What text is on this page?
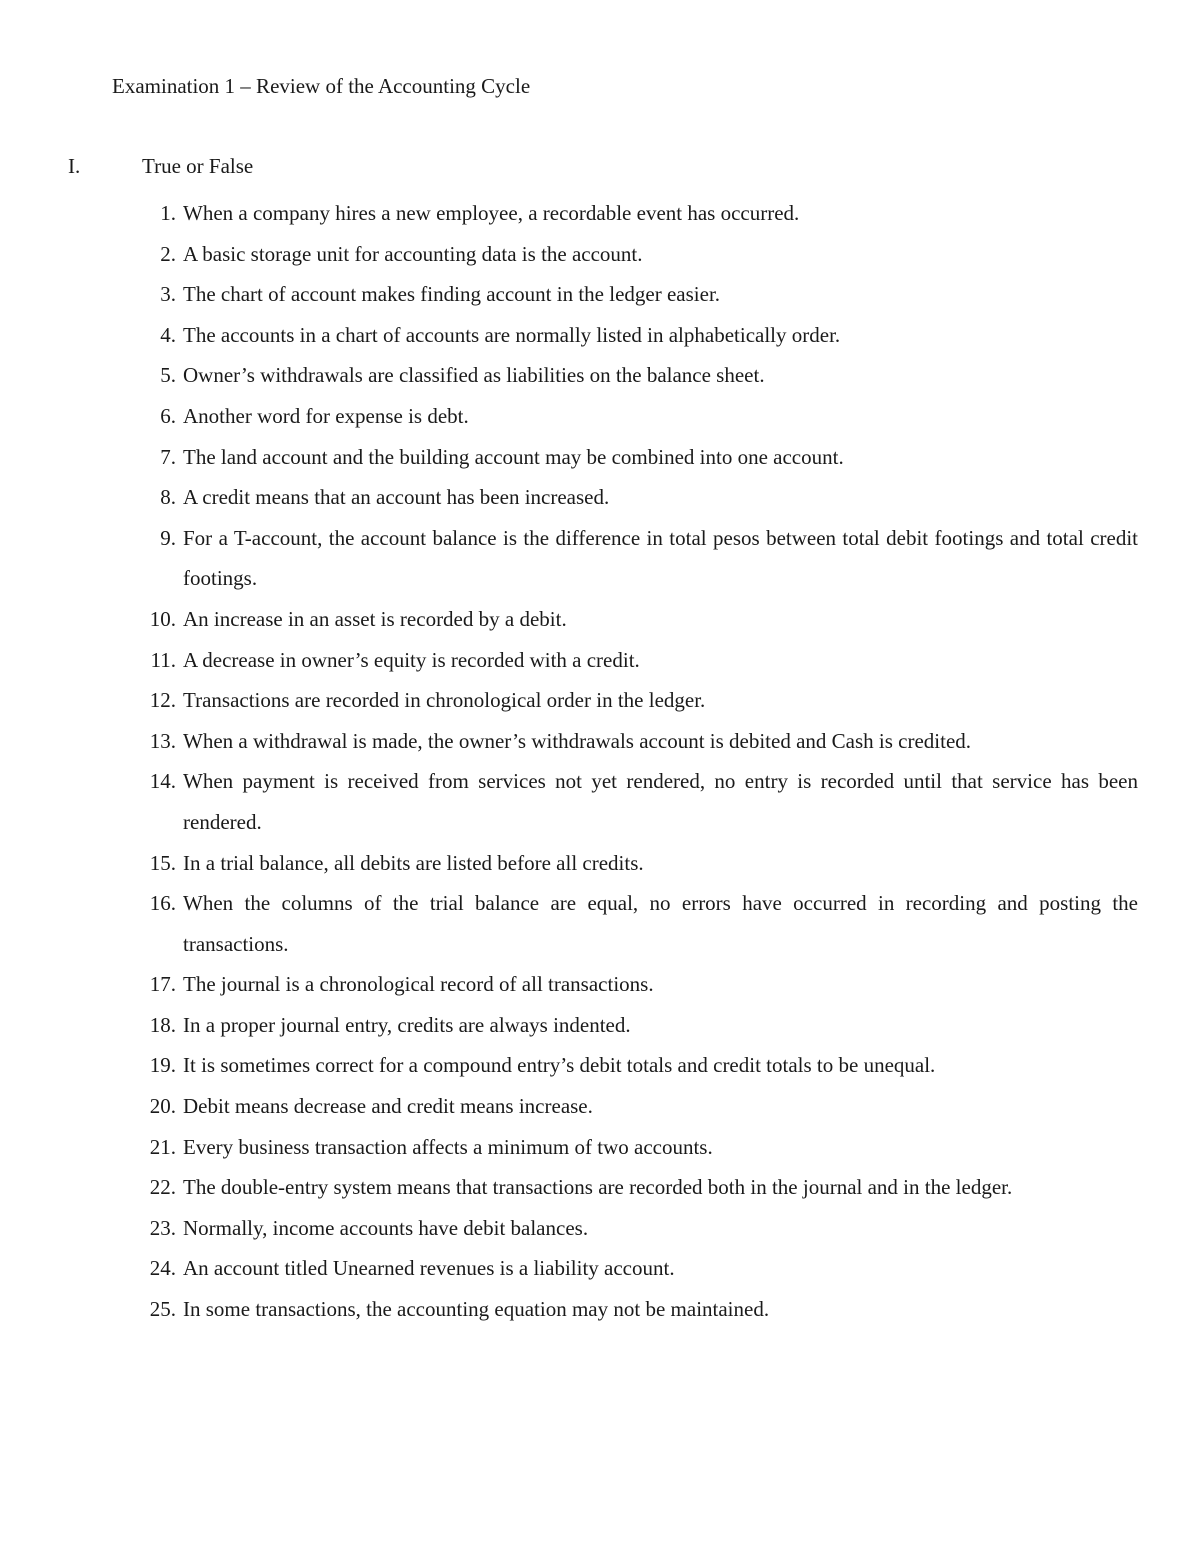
Examination 1 – Review of the Accounting Cycle
I.	True or False
1. When a company hires a new employee, a recordable event has occurred.
2. A basic storage unit for accounting data is the account.
3. The chart of account makes finding account in the ledger easier.
4. The accounts in a chart of accounts are normally listed in alphabetically order.
5. Owner’s withdrawals are classified as liabilities on the balance sheet.
6. Another word for expense is debt.
7. The land account and the building account may be combined into one account.
8. A credit means that an account has been increased.
9. For a T-account, the account balance is the difference in total pesos between total debit footings and total credit footings.
10. An increase in an asset is recorded by a debit.
11. A decrease in owner’s equity is recorded with a credit.
12. Transactions are recorded in chronological order in the ledger.
13. When a withdrawal is made, the owner’s withdrawals account is debited and Cash is credited.
14. When payment is received from services not yet rendered, no entry is recorded until that service has been rendered.
15. In a trial balance, all debits are listed before all credits.
16. When the columns of the trial balance are equal, no errors have occurred in recording and posting the transactions.
17. The journal is a chronological record of all transactions.
18. In a proper journal entry, credits are always indented.
19. It is sometimes correct for a compound entry’s debit totals and credit totals to be unequal.
20. Debit means decrease and credit means increase.
21. Every business transaction affects a minimum of two accounts.
22. The double-entry system means that transactions are recorded both in the journal and in the ledger.
23. Normally, income accounts have debit balances.
24. An account titled Unearned revenues is a liability account.
25. In some transactions, the accounting equation may not be maintained.
